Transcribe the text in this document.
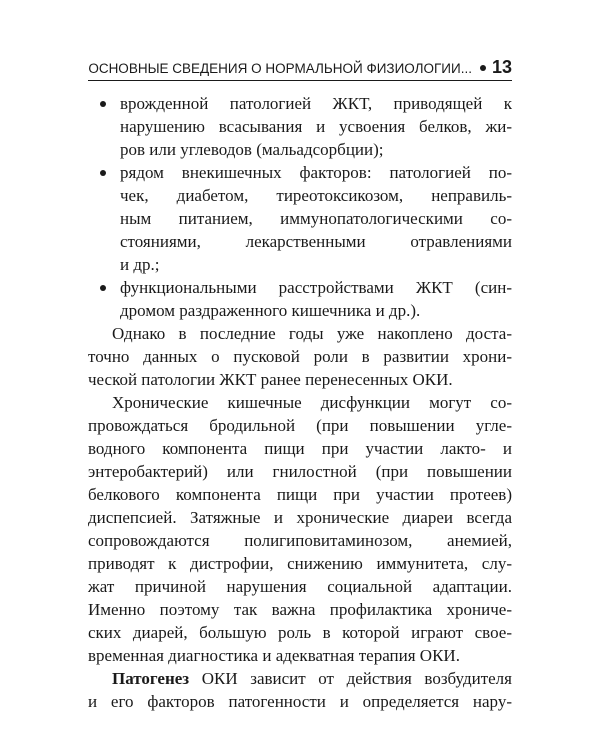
ОСНОВНЫЕ СВЕДЕНИЯ О НОРМАЛЬНОЙ ФИЗИОЛОГИИ... 13
врожденной патологией ЖКТ, приводящей к
нарушению всасывания и усвоения белков, жи-
ров или углеводов (мальадсорбции);
рядом внекишечных факторов: патологией по-
чек, диабетом, тиреотоксикозом, неправиль-
ным питанием, иммунопатологическими со-
стояниями, лекарственными отравлениями
и др.;
функциональными расстройствами ЖКТ (син-
дромом раздраженного кишечника и др.).
Однако в последние годы уже накоплено доста-
точно данных о пусковой роли в развитии хрони-
ческой патологии ЖКТ ранее перенесенных ОКИ.
Хронические кишечные дисфункции могут со-
провождаться бродильной (при повышении угле-
водного компонента пищи при участии лакто- и
энтеробактерий) или гнилостной (при повышении
белкового компонента пищи при участии протеев)
диспепсией. Затяжные и хронические диареи всегда
сопровождаются полигиповитаминозом, анемией,
приводят к дистрофии, снижению иммунитета, слу-
жат причиной нарушения социальной адаптации.
Именно поэтому так важна профилактика хрониче-
ских диарей, большую роль в которой играют свое-
временная диагностика и адекватная терапия ОКИ.
Патогенез ОКИ зависит от действия возбудителя
и его факторов патогенности и определяется нару-
